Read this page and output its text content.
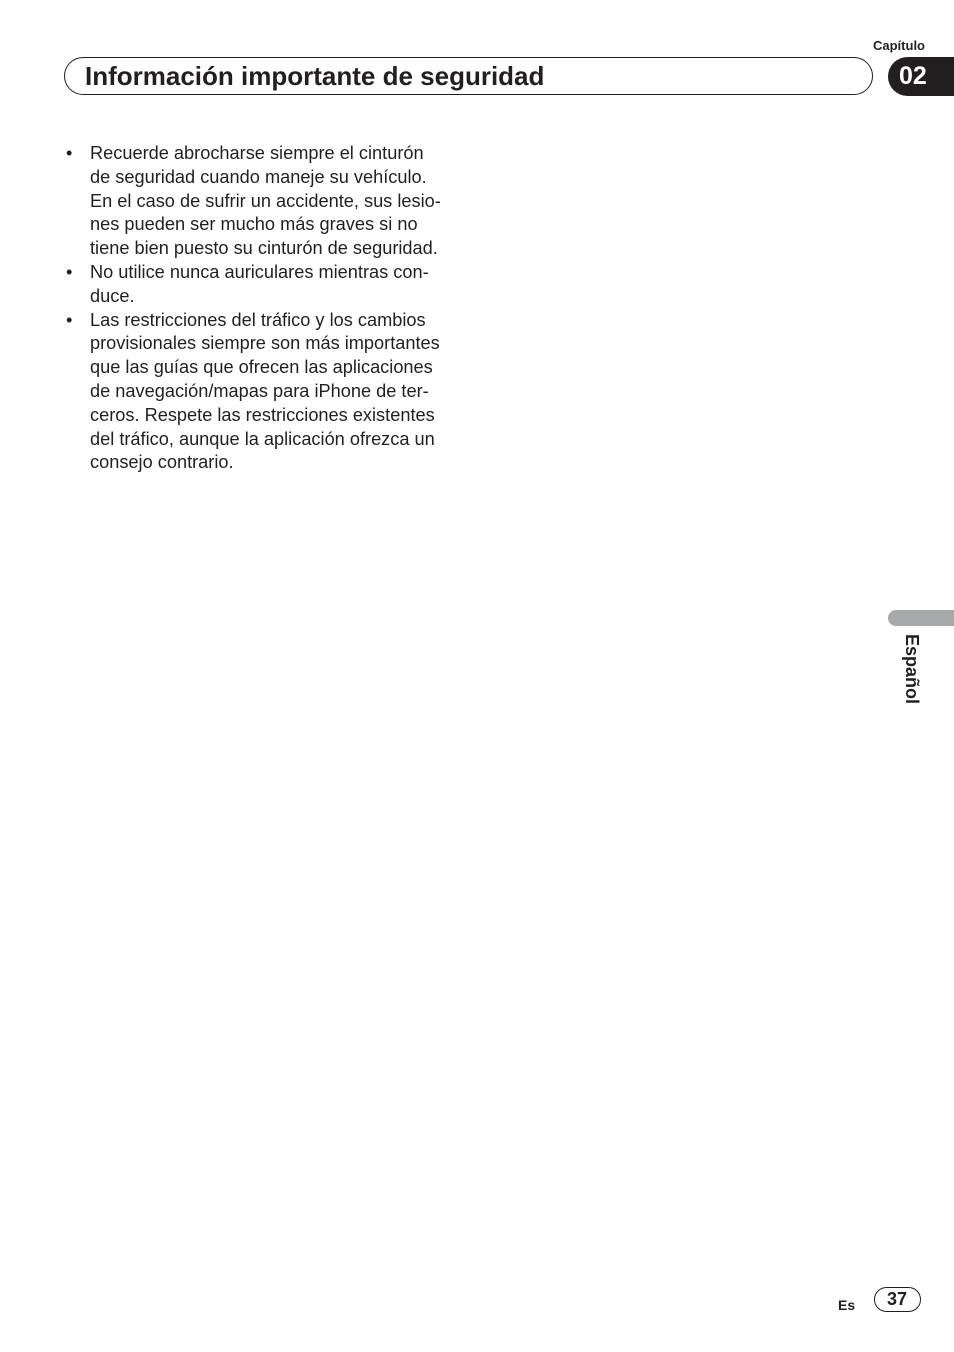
Capítulo
Información importante de seguridad	02
• Recuerde abrocharse siempre el cinturón
de seguridad cuando maneje su vehículo.
En el caso de sufrir un accidente, sus lesio-
nes pueden ser mucho más graves si no
tiene bien puesto su cinturón de seguridad.
• No utilice nunca auriculares mientras con-
duce.
• Las restricciones del tráfico y los cambios
provisionales siempre son más importantes
que las guías que ofrecen las aplicaciones
de navegación/mapas para iPhone de ter-
ceros. Respete las restricciones existentes
del tráfico, aunque la aplicación ofrezca un
consejo contrario.
Español
Es	37
